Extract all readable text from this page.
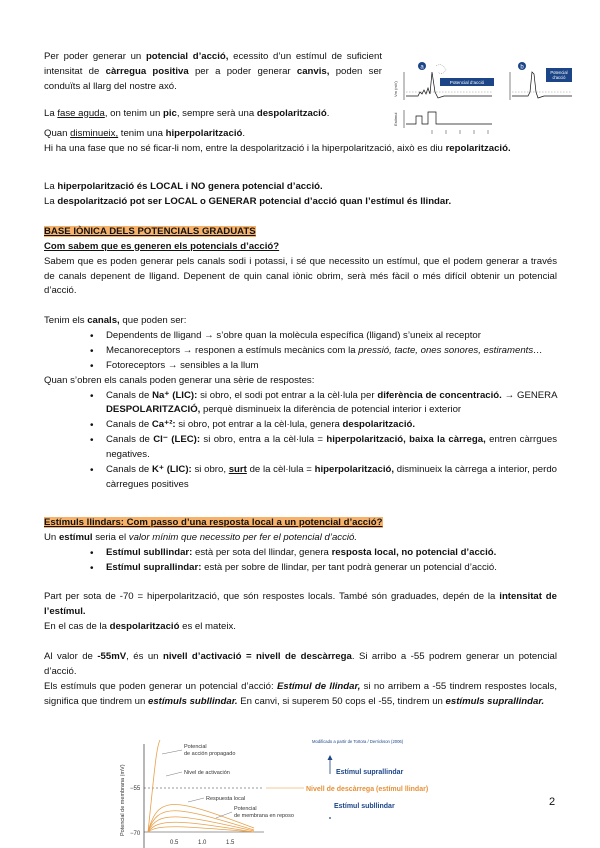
Per poder generar un potencial d’acció, ecessito d’un estímul de suficient intensitat de càrregua positiva per a poder generar canvis, poden ser conduïts al llarg del nostre axó.

La fase aguda, on tenim un pic, sempre serà una despolarització.

Quan disminueix, tenim una hiperpolarització.

Hi ha una fase que no sé ficar-li nom, entre la despolarització i la hiperpolarització, això es diu repolarització.

a
Vm (mV)	Potencial d’acció
Estímul
b
Potencial d’acció

La hiperpolarització és LOCAL i NO genera potencial d’acció.

La despolarització pot ser LOCAL o GENERAR potencial d’acció quan l’estímul és llindar.

BASE IÒNICA DELS POTENCIALS GRADUATS

Com sabem que es generen els potencials d’acció?

Sabem que es poden generar pels canals sodi i potassi, i sé que necessito un estímul, que el podem generar a través de canals depenent de lligand. Depenent de quin canal iònic obrim, serà més fàcil o més difícil obtenir un potencial d’acció.

Tenim els canals, que poden ser:

• Dependents de lligand → s’obre quan la molècula específica (lligand) s’uneix al receptor
• Mecanoreceptors → responen a estímuls mecànics com la pressió, tacte, ones sonores, estiraments…
• Fotoreceptors → sensibles a la llum

Quan s’obren els canals poden generar una sèrie de respostes:

• Canals de Na⁺ (LIC): si obro, el sodi pot entrar a la cèl·lula per diferència de concentració. → GENERA DESPOLARITZACIÓ, perquè disminueix la diferència de potencial interior i exterior
• Canals de Ca⁺²: si obro, pot entrar a la cèl·lula, genera despolarització.
• Canals de Cl⁻ (LEC): si obro, entra a la cèl·lula = hiperpolarització, baixa la càrrega, entren càrrgues negatives.
• Canals de K⁺ (LIC): si obro, surt de la cèl·lula = hiperpolarització, disminueix la càrrega a interior, perdo càrregues positives

Estímuls llindars: Com passo d’una resposta local a un potencial d’acció?

Un estímul seria el valor mínim que necessito per fer el potencial d’acció.

• Estímul subllindar: està per sota del llindar, genera resposta local, no potencial d’acció.
• Estímul suprallindar: està per sobre de llindar, per tant podrà generar un potencial d’acció.

Part per sota de -70 = hiperpolarització, que són respostes locals. També són graduades, depén de la intensitat de l’estímul.

En el cas de la despolarització es el mateix.

Al valor de -55mV, és un nivell d’activació = nivell de descàrrega. Si arribo a -55 podrem generar un potencial d’acció.

Els estímuls que poden generar un potencial d’acció: Estímul de llindar, si no arribem a -55 tindrem respostes locals, significa que tindrem un estímuls subllindar. En canvi, si superem 50 cops el -55, tindrem un estímuls suprallindar.

Potencial de membrana (mV) −55
−70
0.5	1.0	1.5
Potencial de acción propagado
Nivel de activación
Respuesta local
Potencial de membrana en reposo
Modificado a partir de Tortora / Derrickson (2006)
Estímul suprallindar
Nivell de descàrrega (estímul llindar)
Estímul subllindar	2
